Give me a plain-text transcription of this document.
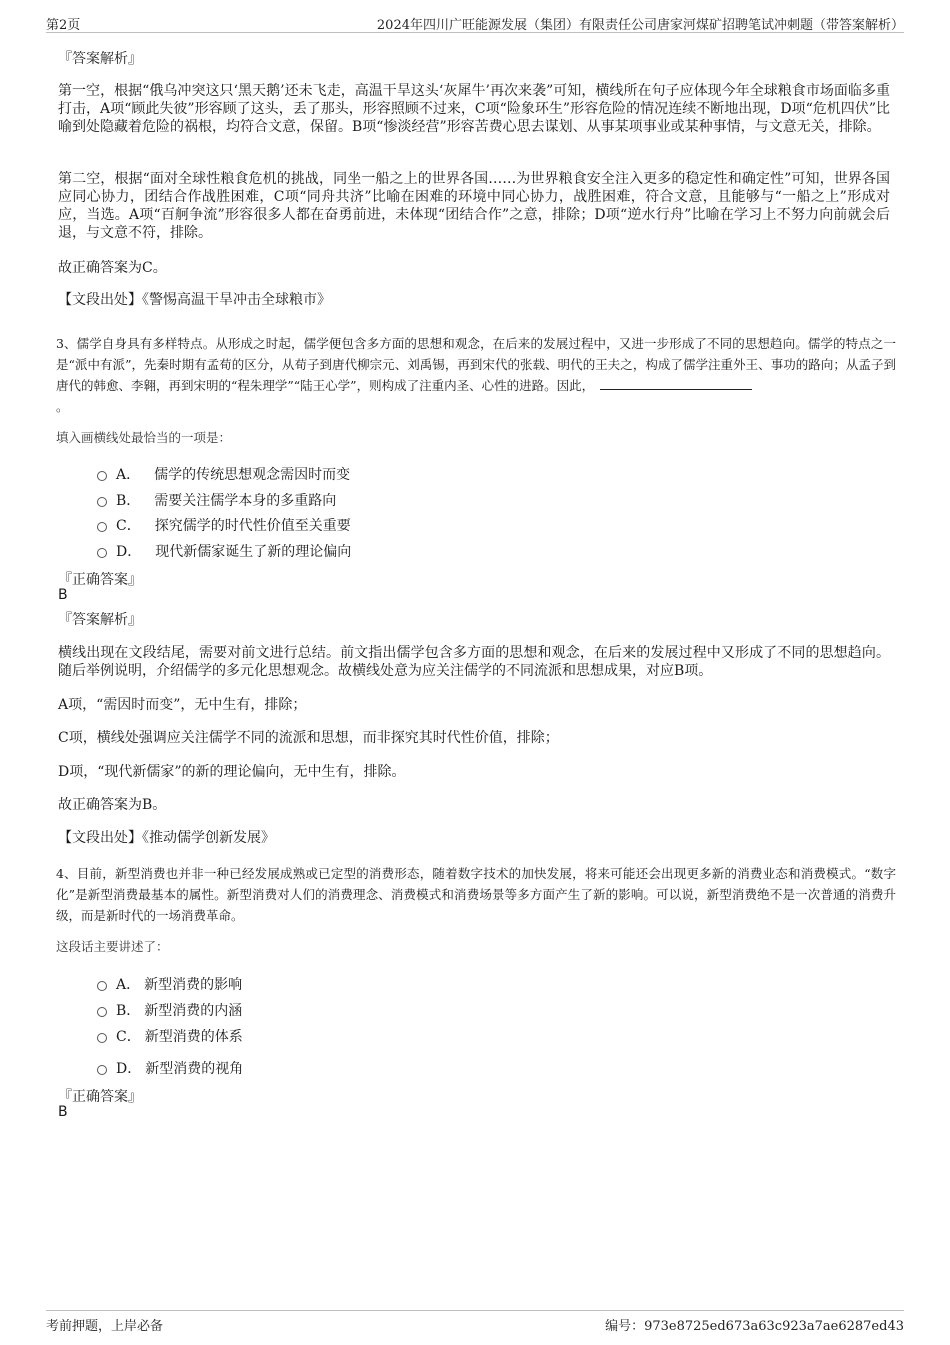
第2页	2024年四川广旺能源发展（集团）有限责任公司唐家河煤矿招聘笔试冲刺题（带答案解析）
『答案解析』
第一空，根据“俄乌冲突这只‘黑天鹅’还未飞走，高温干旱这头‘灰犀牛’再次来袭”可知，横线所在句子应体现今年全球粮食市场面临多重打击，A项“顾此失彼”形容顾了这头，丢了那头，形容照顾不过来，C项“险象环生”形容危险的情况连续不断地出现，D项“危机四伏”比喻到处隐藏着危险的祸根，均符合文意，保留。B项“惨淡经营”形容苦费心思去谋划、从事某项事业或某种事情，与文意无关，排除。
第二空，根据“面对全球性粮食危机的挑战，同坐一船之上的世界各国……为世界粮食安全注入更多的稳定性和确定性”可知，世界各国应同心协力，团结合作战胜困难，C项“同舟共济”比喻在困难的环境中同心协力，战胜困难，符合文意，且能够与“一船之上”形成对应，当选。A项“百舸争流”形容很多人都在奋勇前进，未体现“团结合作”之意，排除；D项“逆水行舟”比喻在学习上不努力向前就会后退，与文意不符，排除。
故正确答案为C。
【文段出处】《警惕高温干旱冲击全球粮市》
3、儒学自身具有多样特点。从形成之时起，儒学便包含多方面的思想和观念，在后来的发展过程中，又进一步形成了不同的思想趋向。儒学的特点之一是“派中有派”，先秦时期有孟荀的区分，从荀子到唐代柳宗元、刘禹锡，再到宋代的张载、明代的王夫之，构成了儒学注重外王、事功的路向；从孟子到唐代的韩愈、李翱，再到宋明的“程朱理学”“陆王心学”，则构成了注重内圣、心性的进路。因此，
。
填入画横线处最恰当的一项是：
A． 儒学的传统思想观念需因时而变
B． 需要关注儒学本身的多重路向
C． 探究儒学的时代性价值至关重要
D． 现代新儒家诞生了新的理论偏向
『正确答案』
B
『答案解析』
横线出现在文段结尾，需要对前文进行总结。前文指出儒学包含多方面的思想和观念，在后来的发展过程中又形成了不同的思想趋向。随后举例说明，介绍儒学的多元化思想观念。故横线处意为应关注儒学的不同流派和思想成果，对应B项。
A项，“需因时而变”，无中生有，排除；
C项，横线处强调应关注儒学不同的流派和思想，而非探究其时代性价值，排除；
D项，“现代新儒家”的新的理论偏向，无中生有，排除。
故正确答案为B。
【文段出处】《推动儒学创新发展》
4、目前，新型消费也并非一种已经发展成熟或已定型的消费形态，随着数字技术的加快发展，将来可能还会出现更多新的消费业态和消费模式。“数字化”是新型消费最基本的属性。新型消费对人们的消费理念、消费模式和消费场景等多方面产生了新的影响。可以说，新型消费绝不是一次普通的消费升级，而是新时代的一场消费革命。
这段话主要讲述了：
A． 新型消费的影响
B． 新型消费的内涵
C． 新型消费的体系
D． 新型消费的视角
『正确答案』
B
考前押题，上岸必备	编号：973e8725ed673a63c923a7ae6287ed43
